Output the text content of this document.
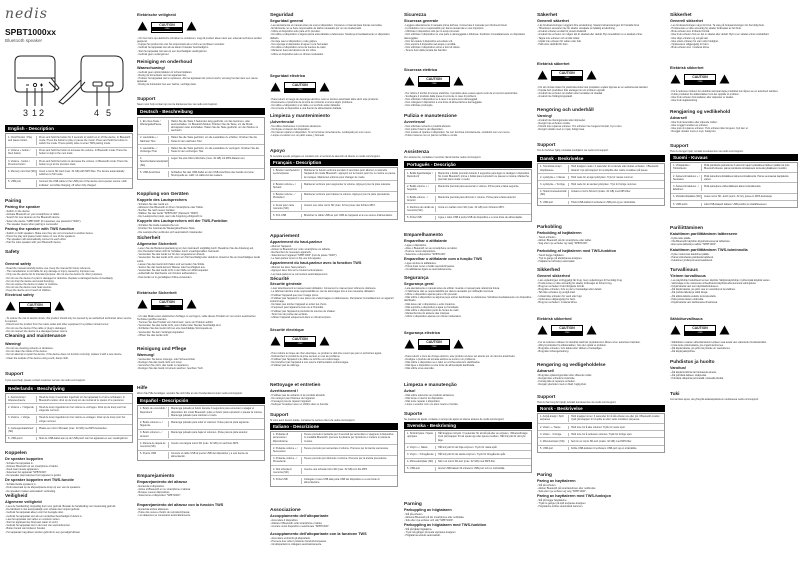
nedis
SPBT1000xx
Bluetooth speaker
3 1 2	4 5
English - Description
1. On/off button / Play and pause button
Press and hold the button for 3 seconds to switch on or off the device. In Bluetooth mode: Press the button to play or pause the music. Press and hold the button to switch the mode. Press quickly twice to enter TWS pairing mode.
2. Volume + button / Next button
Press and hold the button to increase the volume. In Bluetooth mode: Press the button to skip to the next track.
3. Volume - button / Previous button
Press and hold the button to decrease the volume. In Bluetooth mode: Press the button to go to the previous track.
4. Memory card slot (SD)	Insert a micro SD card (max. 32 GB) with MP3 files. The device automatically switches to SD mode.
5. USB port	Connect the USB cable to the USB port of the device and a power source. LED indicator: red while charging; off when fully charged.
Pairing
Pairing the speaker
- Switch on the device.
- Activate Bluetooth on your smartphone or tablet.
- Search for new devices on the Bluetooth device.
- Select the device "SPBT1000" (if requested, use password "0000").
- The speaker beeps when pairing is successful.
Pairing the speaker with TWS function
- Switch on both speakers. Make sure they are not connected to another device.
- Press the play and pause button twice on one of the speakers.
- The speakers will automatically connect to each other.
- Pair the main speaker with your Bluetooth device.
Safety
General safety
- Read the manual carefully before use. Keep the manual for future reference.
- The manufacturer is not liable for any damage or injury caused by improper use.
- Only use the device for its intended purpose. Do not use the device for other purposes.
- Do not use the device if a part is damaged or defective. Replace a damaged device immediately.
- Do not drop the device and avoid bumping.
- Do not expose the device to water or moisture.
- Do not use the device near heat sources.
- Keep the device out of reach of children.
Electrical safety
CAUTION
RISK OF ELECTRIC SHOCK DO NOT OPEN
- To reduce the risk of electric shock, this product should only be opened by an authorized technician when service is required.
- Disconnect the product from the mains outlet and other equipment if a problem should occur.
- Do not use the device if the cable or plug is damaged.
- Do not connect the device to a damaged power source.
Cleaning and maintenance
Warning!
- Do not use cleaning solvents or abrasives.
- Do not clean the inside of the device.
- Do not attempt to repair the device. If the device does not function correctly, replace it with a new device.
- Clean the outside of the device using a soft, damp cloth.
Support
If you need help, please contact customer service via nedis.com/support.
Nederlands - Beschrijving
1. Aan/uit-knop / Afspelen/pauze
Houd de knop 3 seconden ingedrukt om het apparaat in of uit te schakelen. In Bluetooth-modus: druk op de knop om de muziek af te spelen of te pauzeren.
2. Volume + / Volgende	Houd de knop ingedrukt om het volume te verhogen. Druk op de knop voor het volgende nummer.
3. Volume - / Vorige	Houd de knop ingedrukt om het volume te verlagen. Druk op de knop voor het vorige nummer.
4. Geheugenkaartsleuf (SD)
Plaats een micro SD-kaart (max. 32 GB) met MP3-bestanden.
5. USB-poort	Sluit de USB-kabel aan op de USB-poort van het apparaat en een voedingsbron.
Koppelen
De speaker koppelen
- Schakel het apparaat in.
- Activeer Bluetooth op uw smartphone of tablet.
- Zoek naar nieuwe apparaten.
- Selecteer het apparaat "SPBT1000".
- De speaker piept wanneer het koppelen is gelukt.
De speaker koppelen met TWS-functie
- Schakel beide speakers in.
- Druk tweemaal op de afspeel/pauze-knop op een van de speakers.
- De speakers maken automatisch verbinding.
Veiligheid
Algemene veiligheid
- Lees de handleiding zorgvuldig door voor gebruik. Bewaar de handleiding voor toekomstig gebruik.
- De fabrikant is niet aansprakelijk voor schade door onjuist gebruik.
- Gebruik het apparaat alleen voor het beoogde doel.
- Gebruik het apparaat niet als een onderdeel beschadigd of defect is.
- Laat het apparaat niet vallen en voorkom stoten.
- Stel het apparaat niet bloot aan water of vocht.
- Gebruik het apparaat niet in de buurt van warmtebronnen.
- Buiten bereik van kinderen houden.
- Het apparaat mag alleen worden gebruikt in een gematigd klimaat.
Elektrische veiligheid
CAUTION
RISK OF ELECTRIC SHOCK DO NOT OPEN
- Om het risico op elektrische schokken te verkleinen, mag dit product alleen door een erkende technicus worden geopend.
- Koppel het product los van het stopcontact als er zich een probleem voordoet.
- Gebruik het apparaat niet als de kabel of stekker beschadigd is.
- Sluit het apparaat niet aan op een beschadigde voedingsbron.
- Gebruik geen verlengsnoer.
Reiniging en onderhoud
Waarschuwing!
- Gebruik geen oplosmiddelen of schuurmiddelen.
- Reinig de binnenkant van het apparaat niet.
- Probeer het apparaat niet te repareren. Als het apparaat niet correct werkt, vervang het dan door een nieuw apparaat.
- Reinig de buitenkant met een zachte, vochtige doek.
Support
Neem voor hulp contact op met de klantenservice via nedis.com/support.
Deutsch - Beschreibung
1. Ein-/Aus-Taste / Wiedergabe/Pause
Halten Sie die Taste 3 Sekunden lang gedrückt, um das Gerät ein- oder auszuschalten. Im Bluetooth-Modus: Drücken Sie die Taste, um die Musik abzuspielen oder anzuhalten. Halten Sie die Taste gedrückt, um den Modus zu wechseln.
2. Lautstärke + / Nächster Titel
Halten Sie die Taste gedrückt, um die Lautstärke zu erhöhen. Drücken Sie die Taste für den nächsten Titel.
3. Lautstärke - / Vorheriger Titel
Halten Sie die Taste gedrückt, um die Lautstärke zu verringern. Drücken Sie die Taste für den vorherigen Titel.
4. Speicherkartensteckplatz (SD)
Legen Sie eine Micro-SD-Karte (max. 32 GB) mit MP3-Dateien ein.
5. USB-Anschluss	Schließen Sie das USB-Kabel an den USB-Anschluss des Geräts und eine Stromquelle an. LED: rot während des Ladens.
Kopplung von Geräten
Koppeln des Lautsprechers
- Schalten Sie das Gerät ein.
- Aktivieren Sie Bluetooth an Ihrem Smartphone oder Tablet.
- Suchen Sie nach neuen Geräten.
- Wählen Sie das Gerät "SPBT1000" (Passwort "0000").
- Der Lautsprecher piept, wenn die Kopplung erfolgreich ist.
Koppeln des Lautsprechers mit der TWS-Funktion
- Schalten Sie beide Lautsprecher ein.
- Drücken Sie zweimal die Wiedergabe/Pause-Taste.
- Die Lautsprecher verbinden sich automatisch miteinander.
Sicherheit
Allgemeine Sicherheit
- Lesen Sie die Bedienungsanleitung vor dem Gebrauch sorgfältig durch. Bewahren Sie die Anleitung auf.
- Der Hersteller haftet nicht für Schäden durch unsachgemäßen Gebrauch.
- Verwenden Sie das Gerät nur für den vorgesehenen Zweck.
- Verwenden Sie das Gerät nicht, wenn ein Teil beschädigt oder defekt ist. Ersetzen Sie ein beschädigtes Gerät sofort.
- Lassen Sie das Gerät nicht fallen und vermeiden Sie Stöße.
- Setzen Sie das Gerät keinem Wasser oder Feuchtigkeit aus.
- Verwenden Sie das Gerät nicht in der Nähe von Wärmequellen.
- Außerhalb der Reichweite von Kindern aufbewahren.
- Das Gerät nur in gemäßigtem Klima verwenden.
Elektrische Sicherheit
CAUTION
RISK OF ELECTRIC SHOCK DO NOT OPEN
- Um das Risiko eines elektrischen Schlags zu verringern, sollte dieses Produkt nur von einem autorisierten Techniker geöffnet werden.
- Trennen Sie das Produkt vom Stromnetz, wenn ein Problem auftritt.
- Verwenden Sie das Gerät nicht, wenn Kabel oder Stecker beschädigt sind.
- Schließen Sie das Gerät nicht an eine beschädigte Stromquelle an.
- Verwenden Sie kein Verlängerungskabel.
- Öffnen Sie das Gerät nicht.
Reinigung und Pflege
Warnung!
- Verwenden Sie keine Lösungs- oder Scheuermittel.
- Reinigen Sie das Gerät nicht von innen.
- Versuchen Sie nicht, das Gerät zu reparieren.
- Reinigen Sie das Gerät mit einem weichen, feuchten Tuch.
Hilfe
Wenn Sie Hilfe benötigen, wenden Sie sich bitte an den Kundendienst unter nedis.com/support.
Español - Descripción
1. Botón de encendido / Reproducir
Mantenga pulsado el botón durante 3 segundos para encender o apagar el dispositivo. En modo Bluetooth: pulse el botón para reproducir o pausar la música. Mantenga pulsado para cambiar el modo.
2. Botón volumen + / Siguiente
Mantenga pulsado para subir el volumen. Pulse para la pista siguiente.
3. Botón volumen - / Anterior
Mantenga pulsado para bajar el volumen. Pulse para la pista anterior.
4. Ranura de tarjeta de memoria (SD)
Inserte una tarjeta micro SD (máx. 32 GB) con archivos MP3.
5. Puerto USB	Conecte el cable USB al puerto USB del dispositivo y a una fuente de alimentación.
Emparejamiento
Emparejamiento del altavoz
- Encienda el dispositivo.
- Active el Bluetooth en su smartphone o tableta.
- Busque nuevos dispositivos.
- Seleccione el dispositivo "SPBT1000".
Emparejamiento del altavoz con la función TWS
- Encienda ambos altavoces.
- Pulse dos veces el botón de reproducir/pausa.
- Los altavoces se conectarán automáticamente.
Seguridad
Seguridad general
- Lea atentamente el manual antes de usar el dispositivo. Conserve el manual para futuras consultas.
- El fabricante no se hace responsable de daños causados por un uso inadecuado.
- Utilice el dispositivo solo para el fin previsto.
- No utilice el dispositivo si alguna pieza está dañada o defectuosa. Sustituya inmediatamente un dispositivo dañado.
- No deje caer el dispositivo y evite golpes.
- No exponga el dispositivo al agua ni a la humedad.
- No utilice el dispositivo cerca de fuentes de calor.
- Mantener fuera del alcance de los niños.
- Utilice el dispositivo solo en climas moderados.
Seguridad eléctrica
CAUTION
RISK OF ELECTRIC SHOCK DO NOT OPEN
- Para reducir el riesgo de descarga eléctrica, solo un técnico autorizado debe abrir este producto.
- Desconecte el producto de la toma de corriente si ocurre algún problema.
- No utilice el dispositivo si el cable o el enchufe están dañados.
- No conecte el dispositivo a una fuente de alimentación dañada.
Limpieza y mantenimiento
¡Advertencia!
- No utilice disolventes ni productos abrasivos.
- No limpie el interior del dispositivo.
- No intente reparar el dispositivo. Si no funciona correctamente, sustitúyalo por uno nuevo.
- Limpie el exterior con un paño suave y húmedo.
Apoyo
Si necesita ayuda, póngase en contacto con el servicio de atención al cliente en nedis.com/support.
Français - Description
1. Bouton marche/arrêt / Lecture/pause
Maintenez le bouton enfoncé pendant 3 secondes pour allumer ou éteindre l'appareil. En mode Bluetooth : appuyez sur le bouton pour lire ou mettre en pause la musique. Maintenez enfoncé pour changer de mode.
2. Bouton volume + / Suivant
Maintenez enfoncé pour augmenter le volume. Appuyez pour la piste suivante.
3. Bouton volume - / Précédent
Maintenez enfoncé pour baisser le volume. Appuyez pour la piste précédente.
4. Fente pour carte mémoire (SD)
Insérez une carte micro SD (max. 32 Go) avec des fichiers MP3.
5. Port USB	Branchez le câble USB au port USB de l'appareil et à une source d'alimentation.
Appariement
Appariement du haut-parleur
- Allumez l'appareil.
- Activez le Bluetooth sur votre smartphone ou tablette.
- Recherchez de nouveaux appareils.
- Sélectionnez l'appareil "SPBT1000" (mot de passe "0000").
- Le haut-parleur émet un bip une fois appairé.
Appariement du haut-parleur avec la fonction TWS
- Allumez les deux haut-parleurs.
- Appuyez deux fois sur le bouton lecture/pause.
- Les haut-parleurs se connectent automatiquement.
Sécurité
Sécurité générale
- Lisez attentivement le manuel avant utilisation. Conservez le manuel pour référence ultérieure.
- Le fabricant décline toute responsabilité en cas de dommages dus à une mauvaise utilisation.
- N'utilisez l'appareil que pour l'usage prévu.
- N'utilisez pas l'appareil si une pièce est endommagée ou défectueuse. Remplacez immédiatement un appareil endommagé.
- Ne faites pas tomber l'appareil et évitez les chocs.
- N'exposez pas l'appareil à l'eau ou à l'humidité.
- N'utilisez pas l'appareil à proximité de sources de chaleur.
- Tenir hors de portée des enfants.
- Utilisez l'appareil uniquement dans un climat tempéré.
Sécurité électrique
CAUTION
RISK OF ELECTRIC SHOCK DO NOT OPEN
- Pour réduire le risque de choc électrique, ce produit ne doit être ouvert que par un technicien agréé.
- Débranchez le produit de la prise secteur en cas de problème.
- N'utilisez pas l'appareil si le câble ou la fiche est endommagé.
- Ne branchez pas l'appareil à une source d'alimentation endommagée.
- N'utilisez pas de rallonge.
Nettoyage et entretien
Avertissement !
- N'utilisez pas de solvants ni de produits abrasifs.
- Ne nettoyez pas l'intérieur de l'appareil.
- N'essayez pas de réparer l'appareil.
- Nettoyez l'extérieur avec un chiffon doux et humide.
Support
Si vous avez besoin d'aide, contactez le service client via nedis.com/support.
Italiano - Descrizione
1. Pulsante di accensione / Riproduzione
Tenere premuto il pulsante per 3 secondi per accendere o spegnere il dispositivo. In modalità Bluetooth: premere il pulsante per riprodurre o mettere in pausa la musica.
2. Pulsante volume + / Successivo
Tenere premuto per aumentare il volume. Premere per la traccia successiva.
3. Pulsante volume - / Precedente
Tenere premuto per diminuire il volume. Premere per la traccia precedente.
4. Slot scheda di memoria (SD)
Inserire una scheda micro SD (max. 32 GB) con file MP3.
5. Porta USB	Collegare il cavo USB alla porta USB del dispositivo e a una fonte di alimentazione.
Associazione
Accoppiamento dell'altoparlante
- Accendere il dispositivo.
- Attivare il Bluetooth sullo smartphone o tablet.
- Cercare nuovi dispositivi e selezionare "SPBT1000".
Accoppiamento dell'altoparlante con la funzione TWS
- Accendere entrambi gli altoparlanti.
- Premere due volte il pulsante riproduzione/pausa.
- Gli altoparlanti si collegano automaticamente.
Sicurezza
Sicurezza generale
- Leggere attentamente il manuale prima dell'uso. Conservare il manuale per riferimenti futuri.
- Il produttore non è responsabile per danni causati da un uso improprio.
- Utilizzare il dispositivo solo per lo scopo previsto.
- Non utilizzare il dispositivo se una parte è danneggiata o difettosa. Sostituire immediatamente un dispositivo danneggiato.
- Non far cadere il dispositivo ed evitare urti.
- Non esporre il dispositivo ad acqua o umidità.
- Non utilizzare il dispositivo vicino a fonti di calore.
- Tenere fuori dalla portata dei bambini.
Sicurezza elettrica
CAUTION
RISK OF ELECTRIC SHOCK DO NOT OPEN
- Per ridurre il rischio di scosse elettriche, il prodotto deve essere aperto solo da un tecnico autorizzato.
- Scollegare il prodotto dalla presa di corrente in caso di problemi.
- Non utilizzare il dispositivo se il cavo o la spina sono danneggiati.
- Non collegare il dispositivo a una fonte di alimentazione danneggiata.
- Non utilizzare prolunghe.
Pulizia e manutenzione
Avvertenza!
- Non utilizzare solventi o prodotti abrasivi.
- Non pulire l'interno del dispositivo.
- Non tentare di riparare il dispositivo. Se non funziona correttamente, sostituirlo con uno nuovo.
- Pulire l'esterno con un panno morbido e umido.
Assistenza
Per assistenza, contattare il servizio clienti tramite nedis.com/support.
Português - Descrição
1. Botão ligar/desligar / Reproduzir
Mantenha o botão premido durante 3 segundos para ligar ou desligar o dispositivo. No modo Bluetooth: prima o botão para reproduzir ou pausar a música. Mantenha premido para mudar o modo.
2. Botão volume + / Seguinte
Mantenha premido para aumentar o volume. Prima para a faixa seguinte.
3. Botão volume - / Anterior
Mantenha premido para diminuir o volume. Prima para a faixa anterior.
4. Ranhura do cartão de memória (SD)
Insira um cartão micro SD (máx. 32 GB) com ficheiros MP3.
5. Porta USB	Ligue o cabo USB à porta USB do dispositivo e a uma fonte de alimentação.
Emparelhamento
Emparelhar o altifalante
- Ligue o dispositivo.
- Ative o Bluetooth no seu smartphone ou tablet.
- Procure novos dispositivos.
- Selecione o dispositivo "SPBT1000".
Emparelhar o altifalante com a função TWS
- Ligue ambos os altifalantes.
- Prima duas vezes o botão reproduzir/pausa.
- Os altifalantes ligam-se automaticamente.
Segurança
Segurança geral
- Leia atentamente o manual antes de utilizar. Guarde o manual para referência futura.
- O fabricante não se responsabiliza por danos causados por utilização incorreta.
- Utilize o dispositivo apenas para o fim previsto.
- Não utilize o dispositivo se alguma peça estiver danificada ou defeituosa. Substitua imediatamente um dispositivo danificado.
- Não deixe cair o dispositivo e evite impactos.
- Não exponha o dispositivo a água ou humidade.
- Não utilize o dispositivo perto de fontes de calor.
- Mantenha fora do alcance das crianças.
- Utilize o dispositivo apenas em climas moderados.
Segurança eléctrica
CAUTION
RISK OF ELECTRIC SHOCK DO NOT OPEN
- Para reduzir o risco de choque elétrico, este produto só deve ser aberto por um técnico autorizado.
- Desligue o produto da tomada elétrica se ocorrer um problema.
- Não utilize o dispositivo se o cabo ou a ficha estiverem danificados.
- Não ligue o dispositivo a uma fonte de alimentação danificada.
- Não utilize uma extensão.
Limpeza e manutenção
Aviso!
- Não utilize solventes ou produtos abrasivos.
- Não limpe o interior do dispositivo.
- Não tente reparar o dispositivo.
- Limpe o exterior com um pano macio e húmido.
Suporte
Se precisar de ajuda, contacte o serviço de apoio ao cliente através de nedis.com/support.
Svenska - Beskrivning
1. Strömbrytare / Spela upp/paus
Håll knappen intryckt i 3 sekunder för att slå på eller av enheten. I Bluetooth-läge: tryck på knappen för att spela upp eller pausa musiken. Håll intryckt för att byta läge.
2. Volym + / Nästa	Håll intryckt för att höja volymen. Tryck för nästa spår.
3. Volym - / Föregående	Håll intryckt för att sänka volymen. Tryck för föregående spår.
4. Minneskortplats (SD)	Sätt i ett micro SD-kort (max. 32 GB) med MP3-filer.
5. USB-port	Anslut USB-kabeln till enhetens USB-port och en strömkälla.
Parning
Parkoppling av högtalaren
- Slå på enheten.
- Aktivera Bluetooth på din smartphone eller surfplatta.
- Sök efter nya enheter och välj "SPBT1000".
Parkoppling av högtalaren med TWS-funktion
- Slå på båda högtalarna.
- Tryck två gånger på spela upp/paus-knappen.
- Högtalarna ansluts automatiskt.
Säkerhet
Generell säkerhet
- Läs bruksanvisningen noggrant före användning. Spara bruksanvisningen för framtida bruk.
- Tillverkaren ansvarar inte för skador orsakade av felaktig användning.
- Använd enheten endast för avsett ändamål.
- Använd inte enheten om någon del är skadad eller defekt. Byt omedelbart ut en skadad enhet.
- Tappa inte enheten och undvik stötar.
- Utsätt inte enheten för vatten eller fukt.
- Håll utom räckhåll för barn.
Elektrisk säkerhet
CAUTION
RISK OF ELECTRIC SHOCK DO NOT OPEN
- För att minska risken för elektriska stötar ska produkten endast öppnas av en auktoriserad tekniker.
- Koppla bort produkten från eluttaget om ett problem uppstår.
- Använd inte enheten om kabeln eller kontakten är skadad.
- Använd inte förlängningssladd.
Rengöring och underhåll
Varning!
- Använd inte lösningsmedel eller slipmedel.
- Rengör inte enhetens insida.
- Försök inte reparera enheten. Om enheten inte fungerar korrekt, byt ut den.
- Rengör utsidan med en mjuk, fuktig trasa.
Support
Om du behöver hjälp, kontakta kundtjänst via nedis.com/support.
Dansk - Beskrivelse
1. Tænd/sluk-knap / Afspil/pause
Hold knappen nede i 3 sekunder for at tænde eller slukke enheden. I Bluetooth-tilstand: tryk på knappen for at afspille eller sætte musikken på pause.
2. Lydstyrke + / Næste	Hold nede for at øge lydstyrken. Tryk for næste nummer.
3. Lydstyrke - / Forrige	Hold nede for at sænke lydstyrken. Tryk for forrige nummer.
4. Hukommelseskortstik (SD)
Indsæt et micro SD-kort (maks. 32 GB) med MP3-filer.
5. USB-port	Tilslut USB-kablet til enhedens USB-port og en strømkilde.
Parkobling
Parkobling af højttaleren
- Tænd enheden.
- Aktivér Bluetooth på din smartphone eller tablet.
- Søg efter nye enheder og vælg "SPBT1000".
Parkobling af højttaleren med TWS-funktion
- Tænd begge højttalere.
- Tryk to gange på afspil/pause-knappen.
- Højttalerne forbindes automatisk.
Sikkerhed
Generel sikkerhed
- Læs vejledningen omhyggeligt før brug. Gem vejledningen til fremtidig brug.
- Producenten er ikke ansvarlig for skader forårsaget af forkert brug.
- Brug kun enheden til det tilsigtede formål.
- Brug ikke enheden, hvis en del er beskadiget eller defekt.
- Tab ikke enheden og undgå stød.
- Udsæt ikke enheden for vand eller fugt.
- Opbevares utilgængeligt for børn.
- Brug kun enheden i moderat klima.
Elektrisk sikkerhed
CAUTION
RISK OF ELECTRIC SHOCK DO NOT OPEN
- For at reducere risikoen for elektrisk stød bør produktet kun åbnes af en autoriseret tekniker.
- Afbryd produktet fra stikkontakten, hvis der opstår et problem.
- Brug ikke enheden, hvis kablet eller stikket er beskadiget.
- Brug ikke forlængerledning.
Rengøring og vedligeholdelse
Advarsel!
- Brug ikke opløsningsmidler eller slibende midler.
- Rengør ikke enhedens inderside.
- Forsøg ikke at reparere enheden.
- Rengør ydersiden med en blød, fugtig klud.
Support
Hvis du har brug for hjælp, kontakt kundeservice via nedis.com/support.
Norsk - Beskrivelse
1. Av/på-knapp / Spill av/pause
Hold knappen inne i 3 sekunder for å slå enheten av eller på. I Bluetooth-modus: trykk på knappen for å spille av eller sette musikken på pause.
2. Volum + / Neste	Hold inne for å øke volumet. Trykk for neste spor.
3. Volum - / Forrige	Hold inne for å redusere volumet. Trykk for forrige spor.
4. Minnekortspor (SD)	Sett inn et micro SD-kort (maks. 32 GB) med MP3-filer.
5. USB-port	Koble USB-kabelen til enhetens USB-port og en strømkilde.
Paring
Paring av høyttaleren
- Slå på enheten.
- Aktiver Bluetooth på smarttelefonen eller nettbrettet.
- Søk etter nye enheter og velg "SPBT1000".
Paring av høyttaleren med TWS-funksjon
- Slå på begge høyttalerne.
- Trykk to ganger på spill av/pause-knappen.
- Høyttalerne kobles automatisk sammen.
Sikkerhet
Generell sikkerhet
- Les bruksanvisningen nøye før bruk. Ta vare på bruksanvisningen for fremtidig bruk.
- Produsenten er ikke ansvarlig for skader forårsaket av feil bruk.
- Bruk enheten kun til tiltenkt formål.
- Ikke bruk enheten hvis en del er skadet eller defekt. Bytt ut en skadet enhet umiddelbart.
- Ikke slipp enheten og unngå støt.
- Ikke utsett enheten for vann eller fuktighet.
- Oppbevares utilgjengelig for barn.
- Bruk enheten kun i moderat klima.
Elektrisk sikkerhet
CAUTION
RISK OF ELECTRIC SHOCK DO NOT OPEN
- For å redusere risikoen for elektrisk støt skal dette produktet kun åpnes av en autorisert tekniker.
- Koble produktet fra stikkontakten hvis det oppstår et problem.
- Ikke bruk enheten hvis kabelen eller støpselet er skadet.
- Ikke bruk skjøteledning.
Rengjøring og vedlikehold
Advarsel!
- Ikke bruk løsemidler eller slipende midler.
- Ikke rengjør innsiden av enheten.
- Ikke prøv å reparere enheten. Hvis enheten ikke fungerer, bytt den ut.
- Rengjør utsiden med en myk, fuktig klut.
Support
Hvis du trenger hjelp, kontakt kundeservice via nedis.com/support.
Suomi - Kuvaus
1. Virtapainike / Toisto/tauko
Pidä painiketta painettuna 3 sekunnin ajan kytkeäksesi laitteen päälle tai pois. Bluetooth-tilassa: paina painiketta toistaaksesi tai keskeyttääksesi musiikin.
2. Äänenvoimakkuus + / Seuraava
Pidä painettuna lisätäksesi äänenvoimakkuutta. Paina seuraavaa kappaletta varten.
3. Äänenvoimakkuus - / Edellinen
Pidä painettuna vähentääksesi äänenvoimakkuutta.
4. Muistikorttipaikka (SD)	Aseta micro SD -kortti (enint. 32 Gt), jossa on MP3-tiedostoja.
5. USB-portti	Liitä USB-kaapeli laitteen USB-porttiin ja virtalähteeseen.
Pariliittäminen
Kaiuttimen pariliittäminen laitteeseen
- Kytke laite päälle.
- Ota Bluetooth käyttöön älypuhelimessa tai tabletissa.
- Etsi uusia laitteita ja valitse "SPBT1000".
Kaiuttimen pariliittäminen TWS-toiminnolla
- Kytke molemmat kaiuttimet päälle.
- Paina toisto/tauko-painiketta kahdesti.
- Kaiuttimet yhdistyvät automaattisesti.
Turvallisuus
Yleinen turvallisuus
- Lue käyttöohje huolellisesti ennen käyttöä. Säilytä käyttöohje myöhempää käyttöä varten.
- Valmistaja ei ole vastuussa virheellisestä käytöstä aiheutuneista vahingoista.
- Käytä laitetta vain sen käyttötarkoitukseen.
- Älä käytä laitetta, jos jokin osa on vaurioitunut tai viallinen.
- Älä pudota laitetta ja vältä iskuja.
- Älä altista laitetta vedelle tai kosteudelle.
- Pidä poissa lasten ulottuvilta.
- Käytä laitetta vain lauhkeassa ilmastossa.
Sähköturvallisuus
CAUTION
RISK OF ELECTRIC SHOCK DO NOT OPEN
- Sähköiskun vaaran vähentämiseksi tuotteen saa avata vain valtuutettu huoltoteknikko.
- Irrota tuote pistorasiasta, jos ongelmia ilmenee.
- Älä käytä laitetta, jos johto tai pistoke on vaurioitunut.
- Älä käytä jatkojohtoa.
Puhdistus ja huolto
Varoitus!
- Älä käytä liuottimia tai hankaavia aineita.
- Älä puhdista laitteen sisäpuolta.
- Puhdista ulkopinta pehmeällä, kostealla liinalla.
Tuki
Jos tarvitset apua, ota yhteyttä asiakaspalveluun osoitteessa nedis.com/support.
